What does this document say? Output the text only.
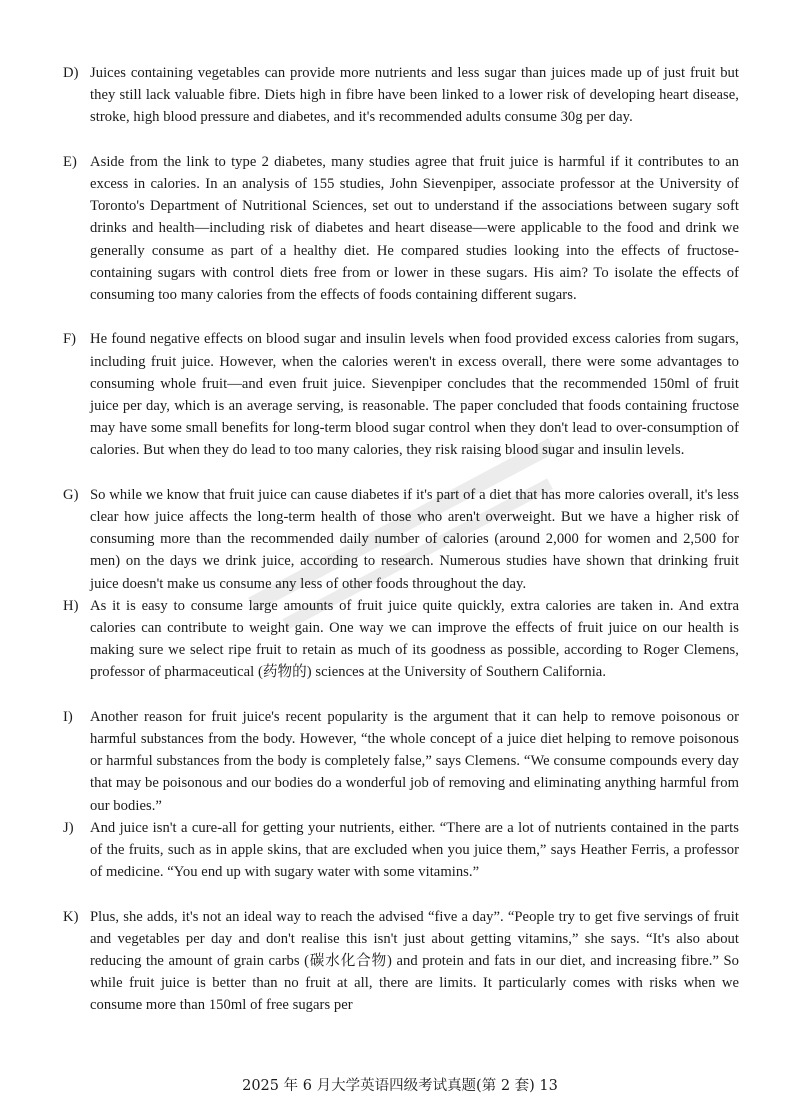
D) Juices containing vegetables can provide more nutrients and less sugar than juices made up of just fruit but they still lack valuable fibre. Diets high in fibre have been linked to a lower risk of developing heart disease, stroke, high blood pressure and diabetes, and it's recommended adults consume 30g per day.

E) Aside from the link to type 2 diabetes, many studies agree that fruit juice is harmful if it contributes to an excess in calories. In an analysis of 155 studies, John Sievenpiper, associate professor at the University of Toronto's Department of Nutritional Sciences, set out to understand if the associations between sugary soft drinks and health—including risk of diabetes and heart disease—were applicable to the food and drink we generally consume as part of a healthy diet. He compared studies looking into the effects of fructose-containing sugars with control diets free from or lower in these sugars. His aim? To isolate the effects of consuming too many calories from the effects of foods containing different sugars.

F) He found negative effects on blood sugar and insulin levels when food provided excess calories from sugars, including fruit juice. However, when the calories weren't in excess overall, there were some advantages to consuming whole fruit—and even fruit juice. Sievenpiper concludes that the recommended 150ml of fruit juice per day, which is an average serving, is reasonable. The paper concluded that foods containing fructose may have some small benefits for long-term blood sugar control when they don't lead to over-consumption of calories. But when they do lead to too many calories, they risk raising blood sugar and insulin levels.

G) So while we know that fruit juice can cause diabetes if it's part of a diet that has more calories overall, it's less clear how juice affects the long-term health of those who aren't overweight. But we have a higher risk of consuming more than the recommended daily number of calories (around 2,000 for women and 2,500 for men) on the days we drink juice, according to research. Numerous studies have shown that drinking fruit juice doesn't make us consume any less of other foods throughout the day.

H) As it is easy to consume large amounts of fruit juice quite quickly, extra calories are taken in. And extra calories can contribute to weight gain. One way we can improve the effects of fruit juice on our health is making sure we select ripe fruit to retain as much of its goodness as possible, according to Roger Clemens, professor of pharmaceutical (药物的) sciences at the University of Southern California.

I) Another reason for fruit juice's recent popularity is the argument that it can help to remove poisonous or harmful substances from the body. However, “the whole concept of a juice diet helping to remove poisonous or harmful substances from the body is completely false,” says Clemens. “We consume compounds every day that may be poisonous and our bodies do a wonderful job of removing and eliminating anything harmful from our bodies.”

J) And juice isn't a cure-all for getting your nutrients, either. “There are a lot of nutrients contained in the parts of the fruits, such as in apple skins, that are excluded when you juice them,” says Heather Ferris, a professor of medicine. “You end up with sugary water with some vitamins.”

K) Plus, she adds, it's not an ideal way to reach the advised “five a day”. “People try to get five servings of fruit and vegetables per day and don't realise this isn't just about getting vitamins,” she says. “It's also about reducing the amount of grain carbs (碳水化合物) and protein and fats in our diet, and increasing fibre.” So while fruit juice is better than no fruit at all, there are limits. It particularly comes with risks when we consume more than 150ml of free sugars per

2025 年 6 月大学英语四级考试真题(第 2 套) 13
